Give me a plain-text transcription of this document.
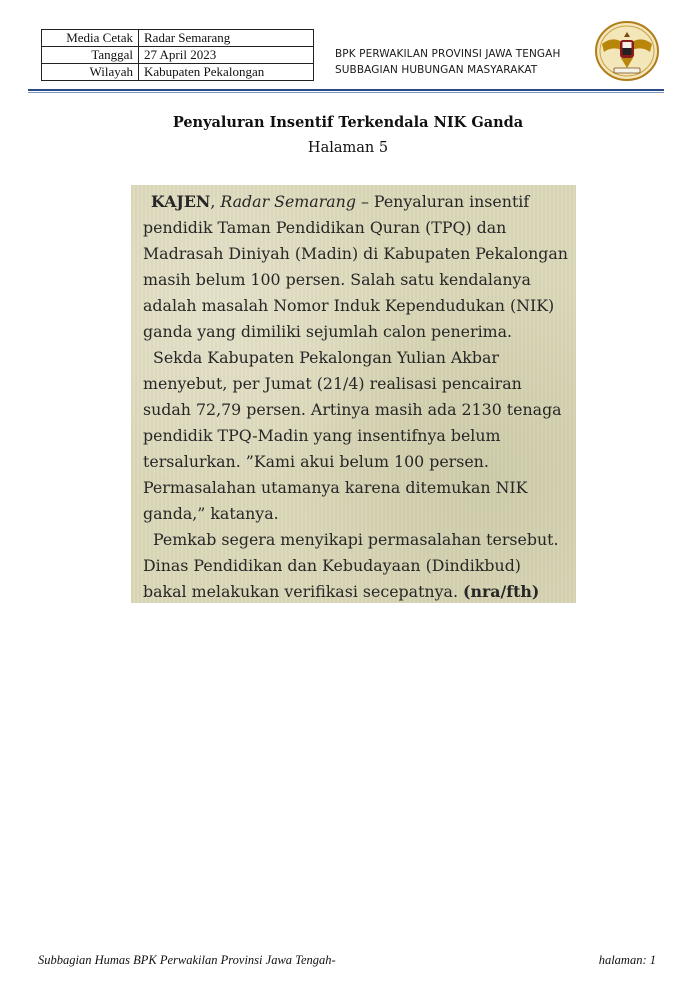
Media Cetak	Radar Semarang
Tanggal	27 April 2023
Wilayah	Kabupaten Pekalongan
BPK PERWAKILAN PROVINSI JAWA TENGAH
SUBBAGIAN HUBUNGAN MASYARAKAT
Penyaluran Insentif Terkendala NIK Ganda
Halaman 5

KAJEN, Radar Semarang – Penyaluran insentif pendidik Taman Pendidikan Quran (TPQ) dan Madrasah Diniyah (Madin) di Kabupaten Pekalongan masih belum 100 persen. Salah satu kendalanya adalah masalah Nomor Induk Kependudukan (NIK) ganda yang dimiliki sejumlah calon penerima.

Sekda Kabupaten Pekalongan Yulian Akbar menyebut, per Jumat (21/4) realisasi pencairan sudah 72,79 persen. Artinya masih ada 2130 tenaga pendidik TPQ-Madin yang insentifnya belum tersalurkan. ”Kami akui belum 100 persen. Permasalahan utamanya karena ditemukan NIK ganda,” katanya.

Pemkab segera menyikapi permasalahan tersebut. Dinas Pendidikan dan Kebudayaan (Dindikbud) bakal melakukan verifikasi secepatnya. (nra/fth)

Subbagian Humas BPK Perwakilan Provinsi Jawa Tengah-	halaman: 1
